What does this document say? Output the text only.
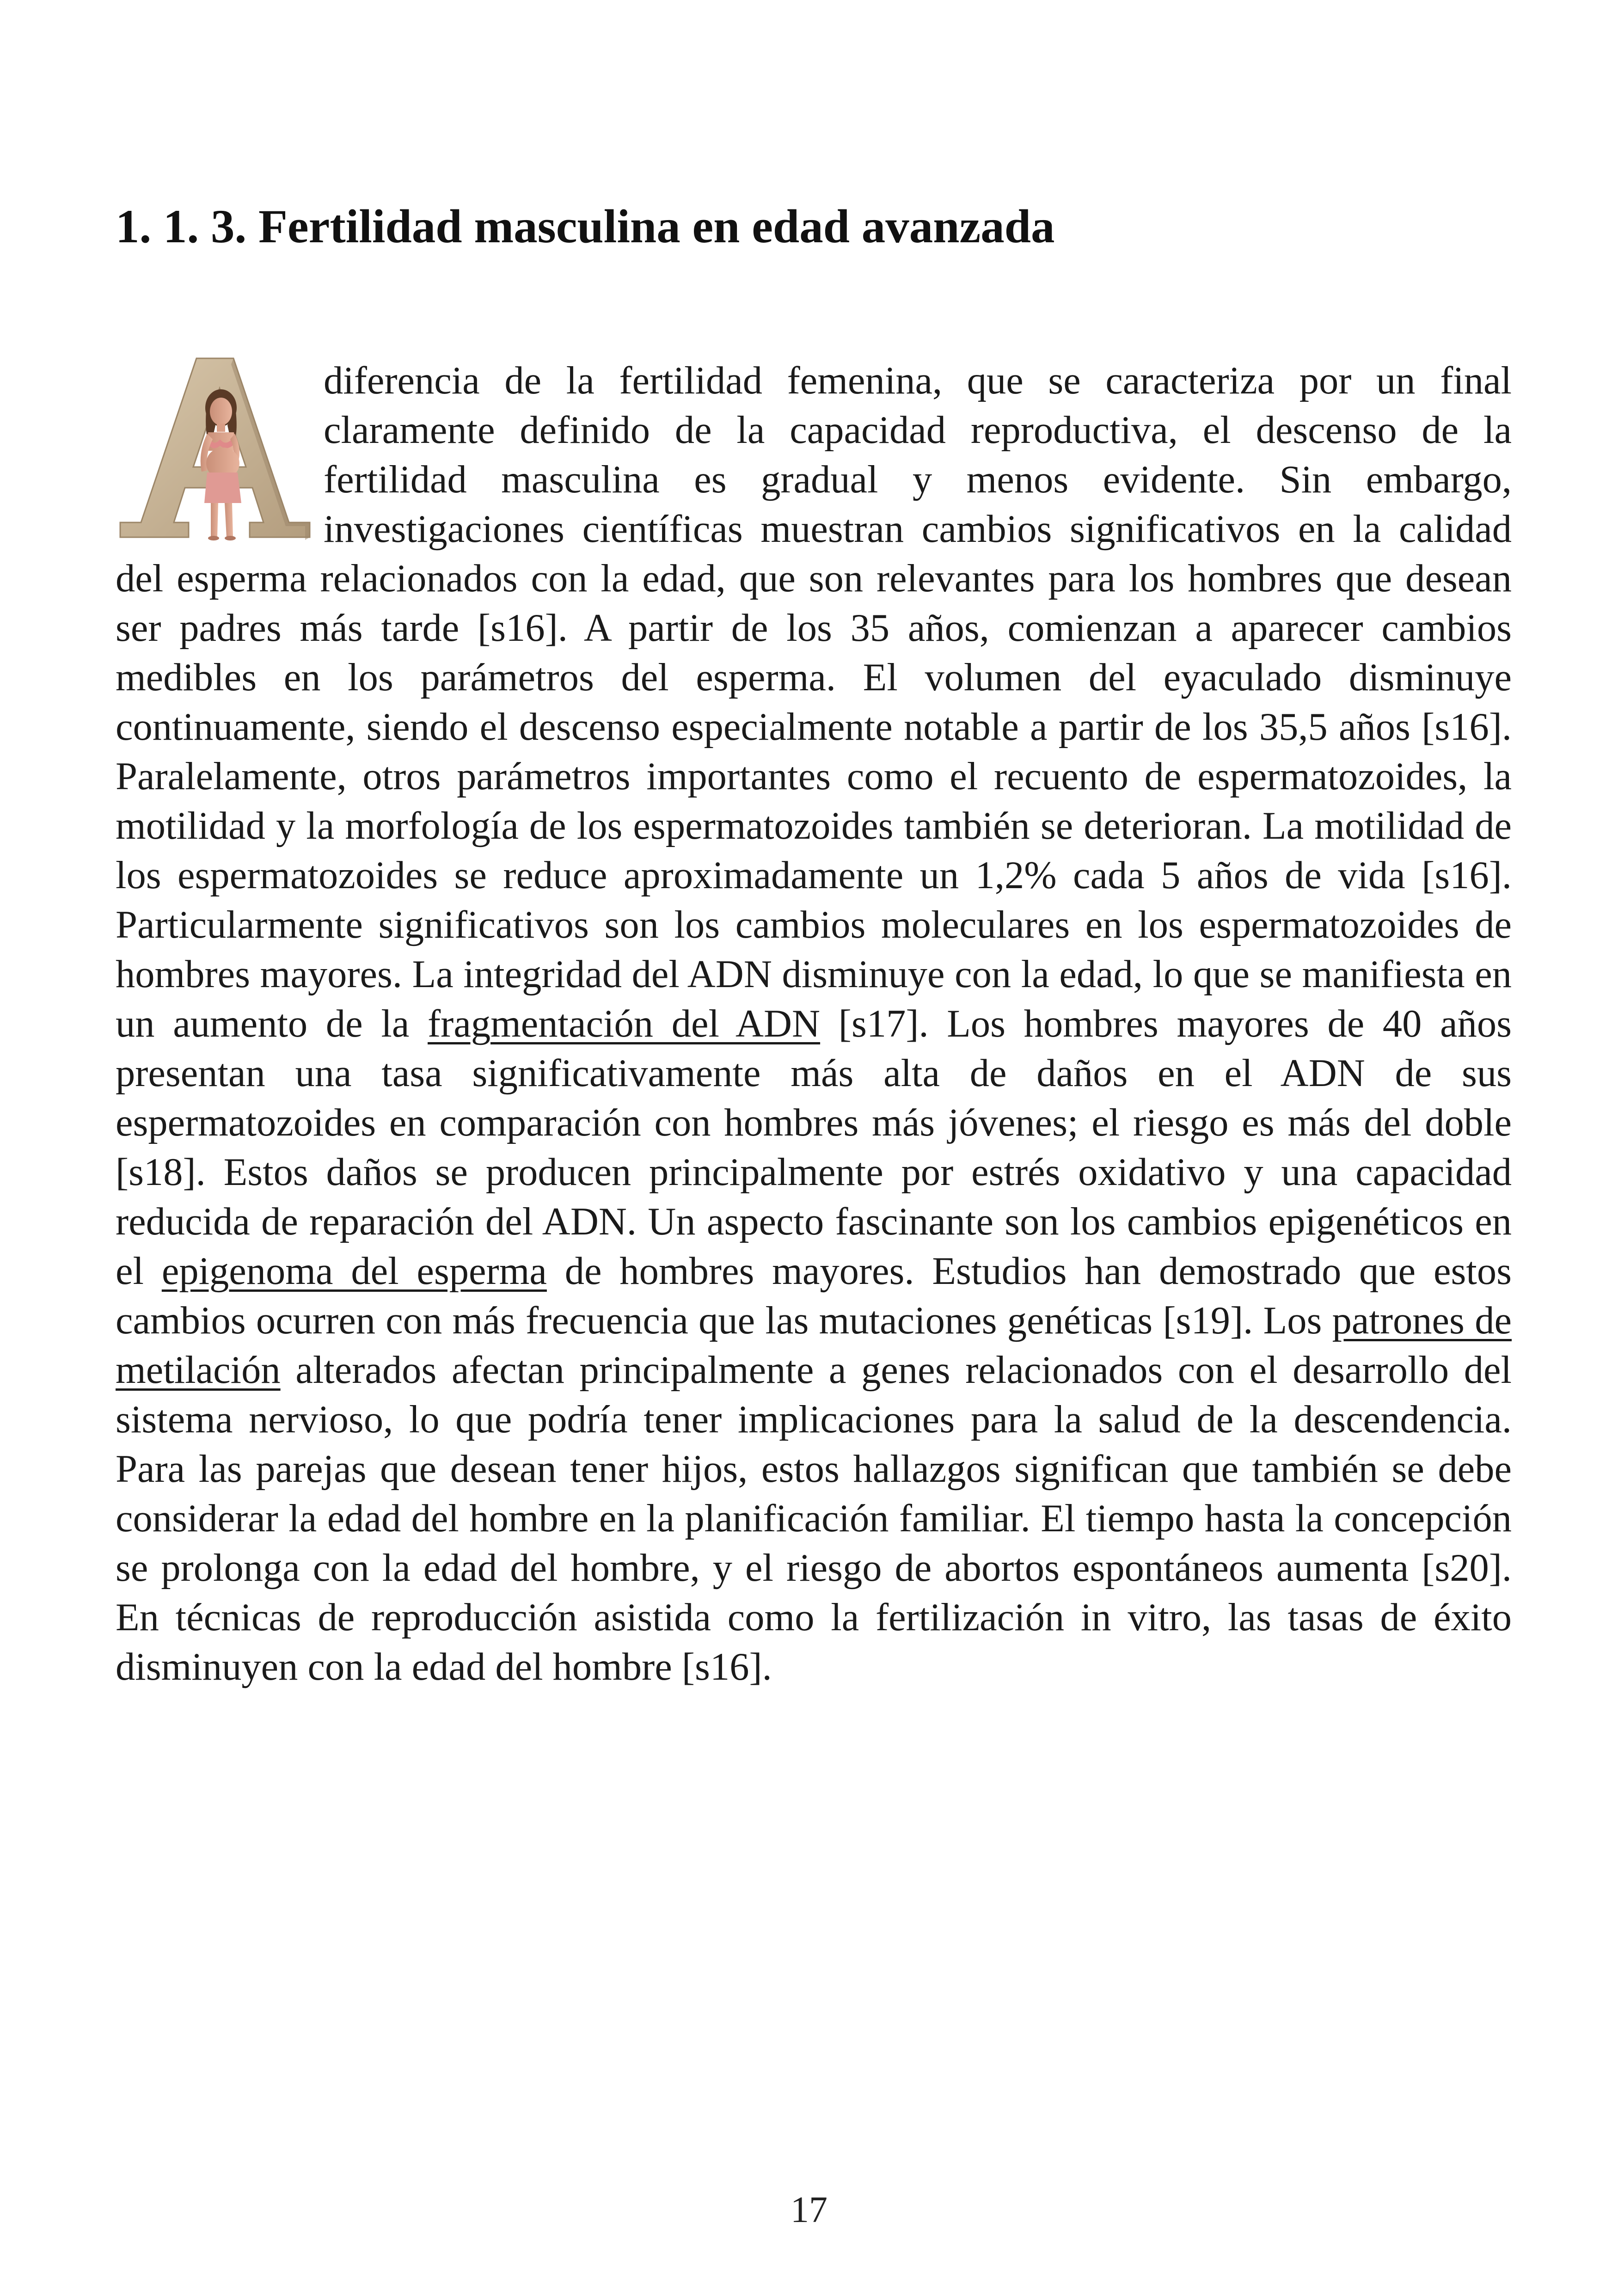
1. 1. 3. Fertilidad masculina en edad avanzada

diferencia de la fertilidad femenina, que se caracteriza por un final claramente definido de la capacidad reproductiva, el descenso de la fertilidad masculina es gradual y menos evidente. Sin embargo, investigaciones científicas muestran cambios significativos en la calidad del esperma relacionados con la edad, que son relevantes para los hombres que desean ser padres más tarde [s16]. A partir de los 35 años, comienzan a aparecer cambios medibles en los parámetros del esperma. El volumen del eyaculado disminuye continuamente, siendo el descenso especialmente notable a partir de los 35,5 años [s16]. Paralelamente, otros parámetros importantes como el recuento de espermatozoides, la motilidad y la morfología de los espermatozoides también se deterioran. La motilidad de los espermatozoides se reduce aproximadamente un 1,2% cada 5 años de vida [s16]. Particularmente significativos son los cambios moleculares en los espermatozoides de hombres mayores. La integridad del ADN disminuye con la edad, lo que se manifiesta en un aumento de la fragmentación del ADN [s17]. Los hombres mayores de 40 años presentan una tasa significativamente más alta de daños en el ADN de sus espermatozoides en comparación con hombres más jóvenes; el riesgo es más del doble [s18]. Estos daños se producen principalmente por estrés oxidativo y una capacidad reducida de reparación del ADN. Un aspecto fascinante son los cambios epigenéticos en el epigenoma del esperma de hombres mayores. Estudios han demostrado que estos cambios ocurren con más frecuencia que las mutaciones genéticas [s19]. Los patrones de metilación alterados afectan principalmente a genes relacionados con el desarrollo del sistema nervioso, lo que podría tener implicaciones para la salud de la descendencia. Para las parejas que desean tener hijos, estos hallazgos significan que también se debe considerar la edad del hombre en la planificación familiar. El tiempo hasta la concepción se prolonga con la edad del hombre, y el riesgo de abortos espontáneos aumenta [s20]. En técnicas de reproducción asistida como la fertilización in vitro, las tasas de éxito disminuyen con la edad del hombre [s16].

17
